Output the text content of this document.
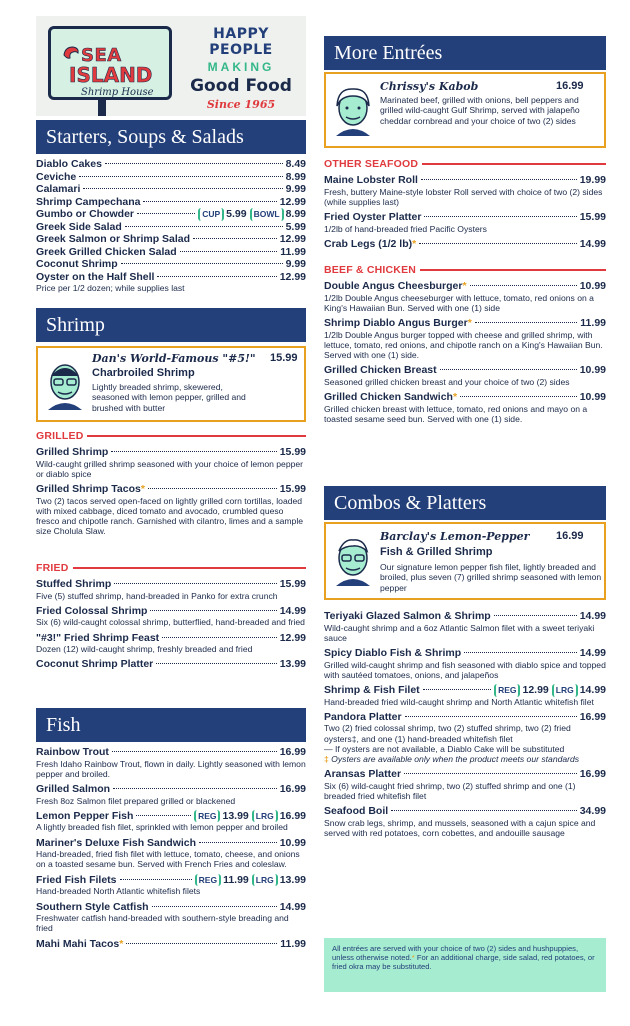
SEA
ISLAND
Shrimp House
HAPPY PEOPLE
MAKING
Good Food
Since 1965
Starters, Soups & Salads
Diablo Cakes	8.49
Ceviche	8.99
Calamari	9.99
Shrimp Campechana	12.99
Gumbo or Chowder	CUP 5.99 BOWL 8.99
Greek Side Salad	5.99
Greek Salmon or Shrimp Salad	12.99
Greek Grilled Chicken Salad	11.99
Coconut Shrimp	9.99
Oyster on the Half Shell	12.99
Price per 1/2 dozen; while supplies last
Shrimp
Dan's World-Famous "#5!" 15.99
Charbroiled Shrimp
Lightly breaded shrimp, skewered, seasoned with lemon pepper, grilled and brushed with butter
GRILLED
Grilled Shrimp	15.99
Wild-caught grilled shrimp seasoned with your choice of lemon pepper or diablo spice
Grilled Shrimp Tacos *	15.99
Two (2) tacos served open-faced on lightly grilled corn tortillas, loaded with mixed cabbage, diced tomato and avocado, crumbled queso fresco and chipotle ranch. Garnished with cilantro, limes and a sample size Cholula Slaw.
FRIED
Stuffed Shrimp	15.99
Five (5) stuffed shrimp, hand-breaded in Panko for extra crunch
Fried Colossal Shrimp	14.99
Six (6) wild-caught colossal shrimp, butterflied, hand-breaded and fried
"#3!" Fried Shrimp Feast	12.99
Dozen (12) wild-caught shrimp, freshly breaded and fried
Coconut Shrimp Platter	13.99
Fish
Rainbow Trout	16.99
Fresh Idaho Rainbow Trout, flown in daily. Lightly seasoned with lemon pepper and broiled.
Grilled Salmon	16.99
Fresh 8oz Salmon filet prepared grilled or blackened
Lemon Pepper Fish	REG 13.99 LRG 16.99
A lightly breaded fish filet, sprinkled with lemon pepper and broiled
Mariner's Deluxe Fish Sandwich	10.99
Hand-breaded, fried fish filet with lettuce, tomato, cheese, and onions on a toasted sesame bun. Served with French Fries and coleslaw.
Fried Fish Filets	REG 11.99 LRG 13.99
Hand-breaded North Atlantic whitefish filets
Southern Style Catfish	14.99
Freshwater catfish hand-breaded with southern-style breading and fried
Mahi Mahi Tacos *	11.99
More Entrées
Chrissy's Kabob	16.99
Marinated beef, grilled with onions, bell peppers and grilled wild-caught Gulf Shrimp, served with jalapeño cheddar cornbread and your choice of two (2) sides
OTHER SEAFOOD
Maine Lobster Roll	19.99
Fresh, buttery Maine-style lobster Roll served with choice of two (2) sides (while supplies last)
Fried Oyster Platter	15.99
1/2lb of hand-breaded fried Pacific Oysters
Crab Legs (1/2 lb) *	14.99
BEEF & CHICKEN
Double Angus Cheesburger *	10.99
1/2lb Double Angus cheeseburger with lettuce, tomato, red onions on a King's Hawaiian Bun. Served with one (1) side
Shrimp Diablo Angus Burger *	11.99
1/2lb Double Angus burger topped with cheese and grilled shrimp, with lettuce, tomato, red onions, and chipotle ranch on a King's Hawaiian Bun. Served with one (1) side.
Grilled Chicken Breast	10.99
Seasoned grilled chicken breast and your choice of two (2) sides
Grilled Chicken Sandwich *	10.99
Grilled chicken breast with lettuce, tomato, red onions and mayo on a toasted sesame seed bun. Served with one (1) side.
Combos & Platters
Barclay's Lemon-Pepper 16.99
Fish & Grilled Shrimp
Our signature lemon pepper fish filet, lightly breaded and broiled, plus seven (7) grilled shrimp seasoned with lemon pepper
Teriyaki Glazed Salmon & Shrimp	14.99
Wild-caught shrimp and a 6oz Atlantic Salmon filet with a sweet teriyaki sauce
Spicy Diablo Fish & Shrimp	14.99
Grilled wild-caught shrimp and fish seasoned with diablo spice and topped with sautéed tomatoes, onions, and jalapeños
Shrimp & Fish Filet	REG 12.99 LRG 14.99
Hand-breaded fried wild-caught shrimp and North Atlantic whitefish filet
Pandora Platter	16.99
Two (2) fried colossal shrimp, two (2) stuffed shrimp, two (2) fried oysters‡, and one (1) hand-breaded whitefish filet
— If oysters are not available, a Diablo Cake will be substituted
‡ Oysters are available only when the product meets our standards
Aransas Platter	16.99
Six (6) wild-caught fried shrimp, two (2) stuffed shrimp and one (1) breaded fried whitefish filet
Seafood Boil	34.99
Snow crab legs, shrimp, and mussels, seasoned with a cajun spice and served with red potatoes, corn cobettes, and andouille sausage
All entrées are served with your choice of two (2) sides and hushpuppies, unless otherwise noted.* For an additional charge, side salad, red potatoes, or fried okra may be substituted.
